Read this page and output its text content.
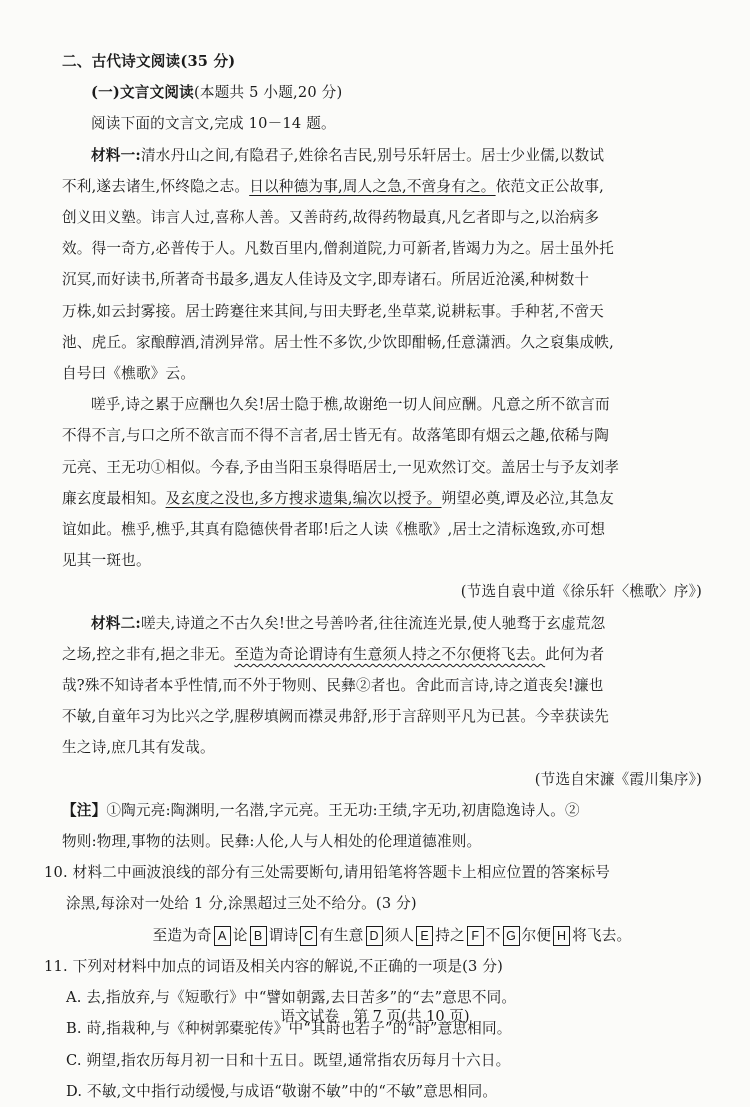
二、古代诗文阅读(35 分)
(一)文言文阅读(本题共 5 小题,20 分)
阅读下面的文言文,完成 10－14 题。
材料一:清水丹山之间,有隐君子,姓徐名吉民,别号乐轩居士。居士少业儒,以数试
不利,遂去诸生,怀终隐之志。日以种德为事,周人之急,不啻身有之。依范文正公故事,
创义田义塾。讳言人过,喜称人善。又善莳药,故得药物最真,凡乞者即与之,以治病多
效。得一奇方,必普传于人。凡数百里内,僧刹道院,力可新者,皆竭力为之。居士虽外托
沉冥,而好读书,所著奇书最多,遇友人佳诗及文字,即寿诸石。所居近沧溪,种树数十
万株,如云封雾接。居士跨蹇往来其间,与田夫野老,坐草菜,说耕耘事。手种茗,不啻天
池、虎丘。家酿醇酒,清洌异常。居士性不多饮,少饮即酣畅,任意潇洒。久之裒集成帙,
自号曰《樵歌》云。
嗟乎,诗之累于应酬也久矣!居士隐于樵,故谢绝一切人间应酬。凡意之所不欲言而
不得不言,与口之所不欲言而不得不言者,居士皆无有。故落笔即有烟云之趣,依稀与陶
元亮、王无功①相似。今春,予由当阳玉泉得晤居士,一见欢然订交。盖居士与予友刘孝
廉玄度最相知。及玄度之没也,多方搜求遗集,编次以授予。朔望必奠,谭及必泣,其急友
谊如此。樵乎,樵乎,其真有隐德侠骨者耶!后之人读《樵歌》,居士之清标逸致,亦可想
见其一斑也。
(节选自袁中道《徐乐轩〈樵歌〉序》)
材料二:嗟夫,诗道之不古久矣!世之号善吟者,往往流连光景,使人驰骛于玄虚荒忽
之场,控之非有,挹之非无。至造为奇论谓诗有生意须人持之不尔便将飞去。此何为者
哉?殊不知诗者本乎性情,而不外于物则、民彝②者也。舍此而言诗,诗之道丧矣!濂也
不敏,自童年习为比兴之学,腥秽填阙而襟灵弗舒,形于言辞则平凡为已甚。今幸获读先
生之诗,庶几其有发哉。
(节选自宋濂《霞川集序》)
【注】①陶元亮:陶渊明,一名潜,字元亮。王无功:王绩,字无功,初唐隐逸诗人。②
物则:物理,事物的法则。民彝:人伦,人与人相处的伦理道德准则。
10. 材料二中画波浪线的部分有三处需要断句,请用铅笔将答题卡上相应位置的答案标号
涂黑,每涂对一处给 1 分,涂黑超过三处不给分。(3 分)
至造为奇 A 论 B 谓诗 C 有生意 D 须人 E 持之 F 不 G 尔便 H 将飞去。
11. 下列对材料中加点的词语及相关内容的解说,不正确的一项是(3 分)
A. 去,指放弃,与《短歌行》中“譬如朝露,去日苦多”的“去”意思不同。
B. 莳,指栽种,与《种树郭橐驼传》中“其莳也若子”的“莳”意思相同。
C. 朔望,指农历每月初一日和十五日。既望,通常指农历每月十六日。
D. 不敏,文中指行动缓慢,与成语“敬谢不敏”中的“不敏”意思相同。
语文试卷　第 7 页(共 10 页)
